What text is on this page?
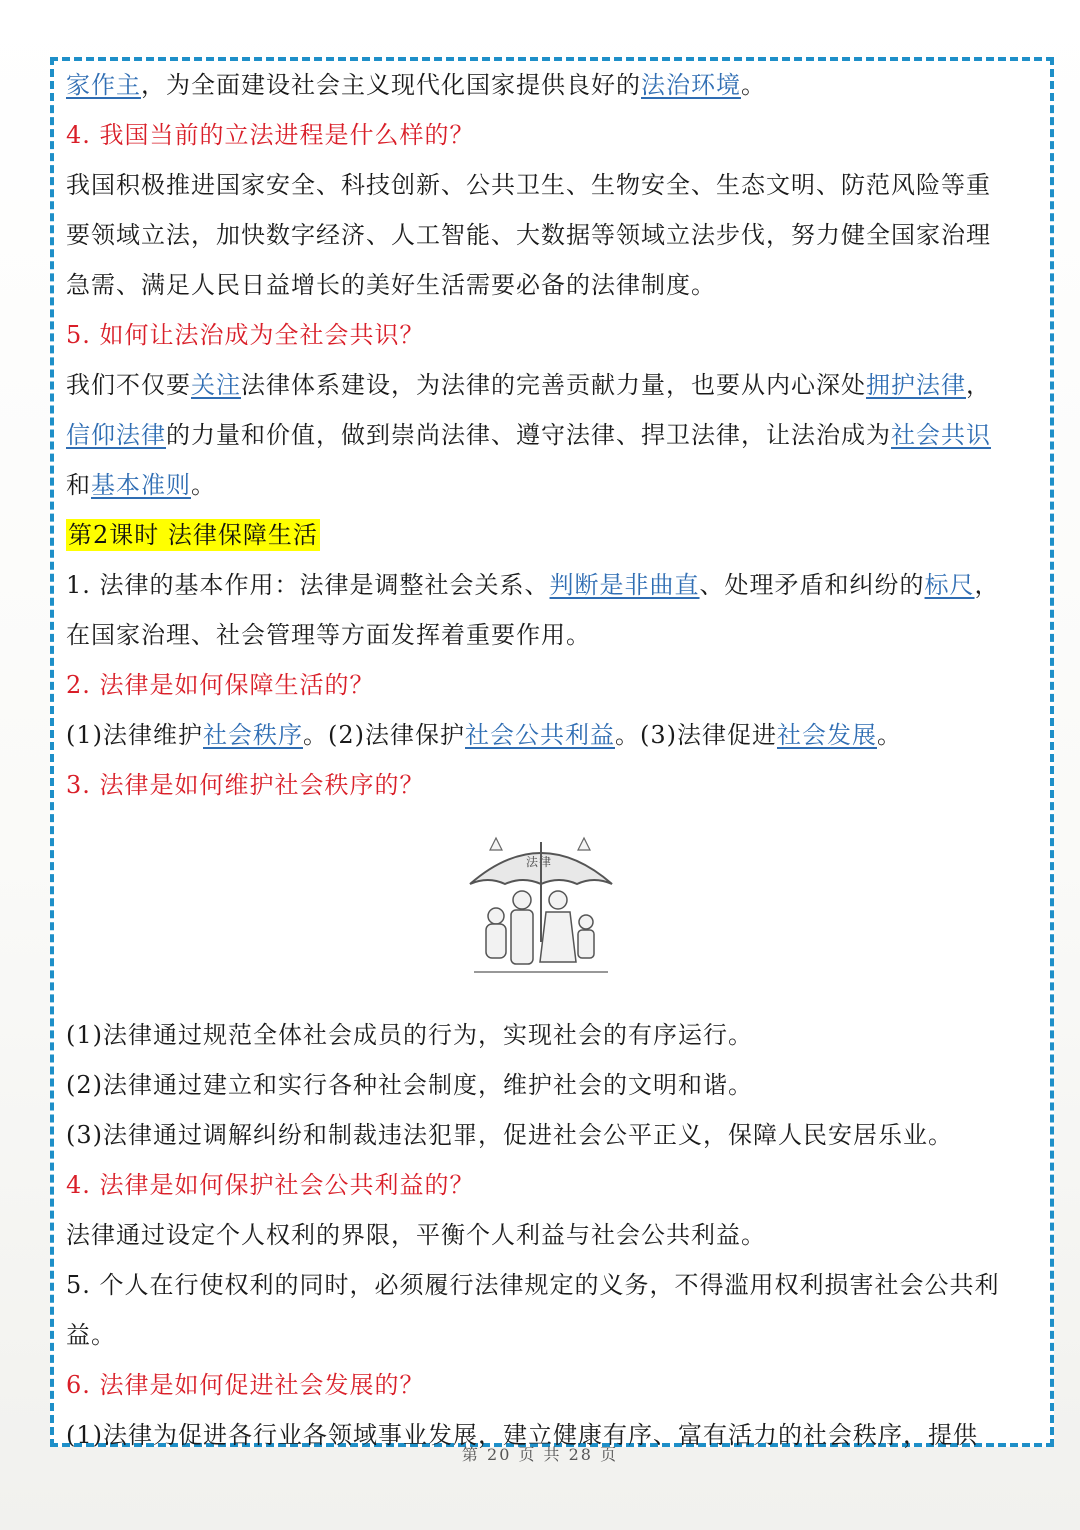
家作主，为全面建设社会主义现代化国家提供良好的法治环境。
4. 我国当前的立法进程是什么样的？
我国积极推进国家安全、科技创新、公共卫生、生物安全、生态文明、防范风险等重
要领域立法，加快数字经济、人工智能、大数据等领域立法步伐，努力健全国家治理
急需、满足人民日益增长的美好生活需要必备的法律制度。
5. 如何让法治成为全社会共识？
我们不仅要关注法律体系建设，为法律的完善贡献力量，也要从内心深处拥护法律，
信仰法律的力量和价值，做到崇尚法律、遵守法律、捍卫法律，让法治成为社会共识
和基本准则。
第2课时 法律保障生活
1. 法律的基本作用：法律是调整社会关系、判断是非曲直、处理矛盾和纠纷的标尺，
在国家治理、社会管理等方面发挥着重要作用。
2. 法律是如何保障生活的？
(1)法律维护社会秩序。(2)法律保护社会公共利益。(3)法律促进社会发展。
3. 法律是如何维护社会秩序的？
法律
(1)法律通过规范全体社会成员的行为，实现社会的有序运行。
(2)法律通过建立和实行各种社会制度，维护社会的文明和谐。
(3)法律通过调解纠纷和制裁违法犯罪，促进社会公平正义，保障人民安居乐业。
4. 法律是如何保护社会公共利益的？
法律通过设定个人权利的界限，平衡个人利益与社会公共利益。
5. 个人在行使权利的同时，必须履行法律规定的义务，不得滥用权利损害社会公共利
益。
6. 法律是如何促进社会发展的？
(1)法律为促进各行业各领域事业发展，建立健康有序、富有活力的社会秩序，提供
第 20 页 共 28 页
